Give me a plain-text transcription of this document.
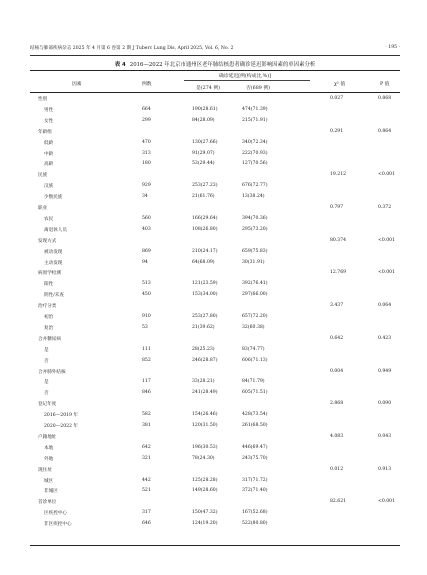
结核与肺部疾病杂志 2025 年 4 月第 6 卷第 2 期 J Tuberc Lung Dis, April 2025, Vol. 6, No. 2	· 195 ·
表 4 2016—2022 年北京市通州区老年肺结核患者确诊延迟影响因素的单因素分析
因素	例数
确诊延迟[例(构成比,%)]
是(274 例)	否(689 例)
χ² 值	P 值
性别	0.027	0.868
男性	664	190(28.61)	474(71.39)
女性	299	84(28.09)	215(71.91)
年龄组	0.291	0.864
低龄	470	130(27.66)	340(72.34)
中龄	313	91(29.07)	222(70.93)
高龄	180	53(29.44)	127(70.56)
民族	19.212	<0.001
汉族	929	253(27.23)	676(72.77)
少数民族	34	21(61.76)	13(38.24)
职业	0.797	0.372
农民	560	166(29.64)	394(70.36)
离退休人员	403	108(26.80)	295(73.20)
发现方式	80.374	<0.001
被动发现	869	210(24.17)	659(75.83)
主动发现	94	64(68.09)	30(31.91)
病原学检测	12.769	<0.001
阳性	513	121(23.59)	392(76.41)
阴性/未查	450	153(34.00)	297(66.00)
治疗分类	3.437	0.064
初治	910	253(27.80)	657(72.20)
复治	53	21(39.62)	32(60.38)
合并糖尿病	0.642	0.423
是	111	28(25.23)	83(74.77)
否	852	246(28.87)	606(71.13)
合并肺外结核	0.004	0.949
是	117	33(28.21)	84(71.79)
否	846	241(28.49)	605(71.51)
登记年度	2.868	0.090
2016—2019 年	582	154(26.46)	428(73.54)
2020—2022 年	381	120(31.50)	261(68.50)
户籍地址	4.083	0.043
本地	642	196(30.53)	446(69.47)
外地	321	78(24.30)	243(75.70)
现住址	0.012	0.913
城区	442	125(28.28)	317(71.72)
非城区	521	149(28.60)	372(71.40)
首诊单位	82.621	<0.001
区疾控中心	317	150(47.32)	167(52.68)
非区疾控中心	646	124(19.20)	522(80.80)
